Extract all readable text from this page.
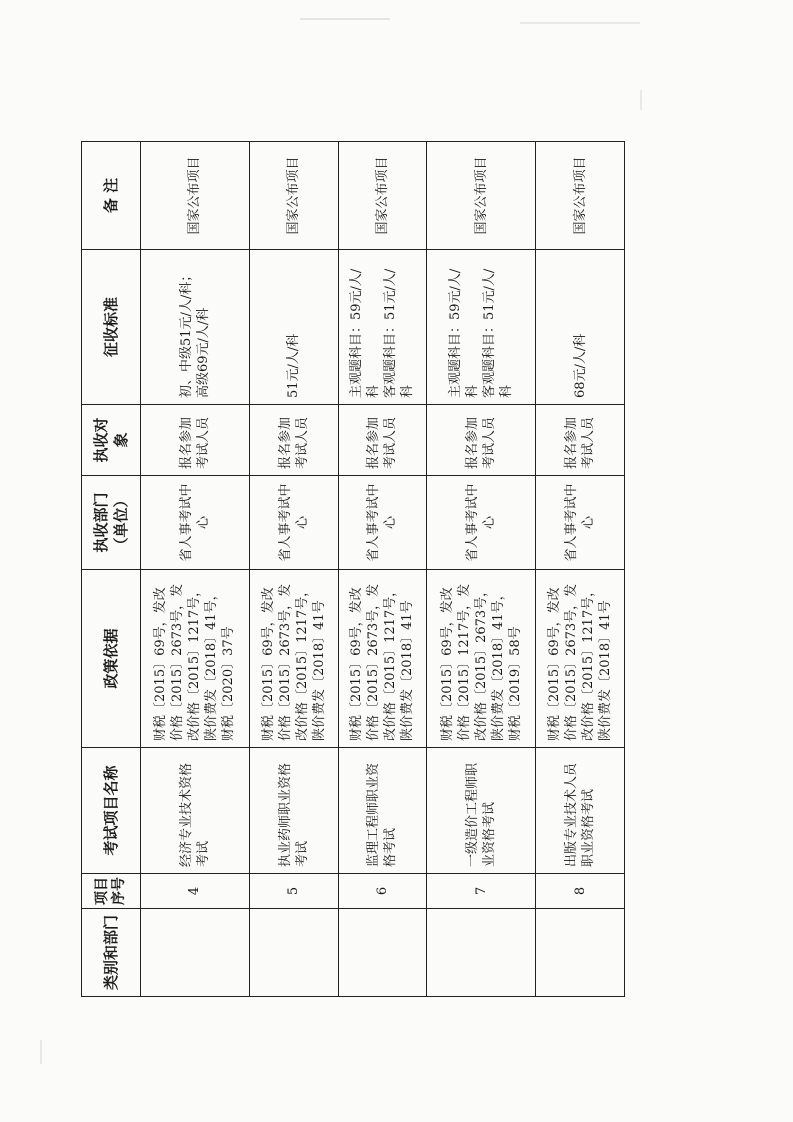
类别和部门	项目序号	考试项目名称	政策依据	执收部门（单位）	执收对象	征收标准	备 注
	4	经济专业技术资格考试	财税〔2015〕69号，发改价格〔2015〕2673号，发改价格〔2015〕1217号，陕价费发〔2018〕41号，财税〔2020〕37号	省人事考试中心	报名参加考试人员	初、中级51元/人/科；高级69元/人/科	国家公布项目
	5	执业药师职业资格考试	财税〔2015〕69号，发改价格〔2015〕2673号，发改价格〔2015〕1217号，陕价费发〔2018〕41号	省人事考试中心	报名参加考试人员	51元/人/科	国家公布项目
	6	监理工程师职业资格考试	财税〔2015〕69号，发改价格〔2015〕2673号，发改价格〔2015〕1217号，陕价费发〔2018〕41号	省人事考试中心	报名参加考试人员	主观题科目：59元/人/科
客观题科目：51元/人/科	国家公布项目
	7	一级造价工程师职业资格考试	财税〔2015〕69号，发改价格〔2015〕1217号，发改价格〔2015〕2673号，陕价费发〔2018〕41号，财税〔2019〕58号	省人事考试中心	报名参加考试人员	主观题科目：59元/人/科
客观题科目：51元/人/科	国家公布项目
	8	出版专业技术人员职业资格考试	财税〔2015〕69号，发改价格〔2015〕2673号，发改价格〔2015〕1217号，陕价费发〔2018〕41号	省人事考试中心	报名参加考试人员	68元/人/科	国家公布项目
